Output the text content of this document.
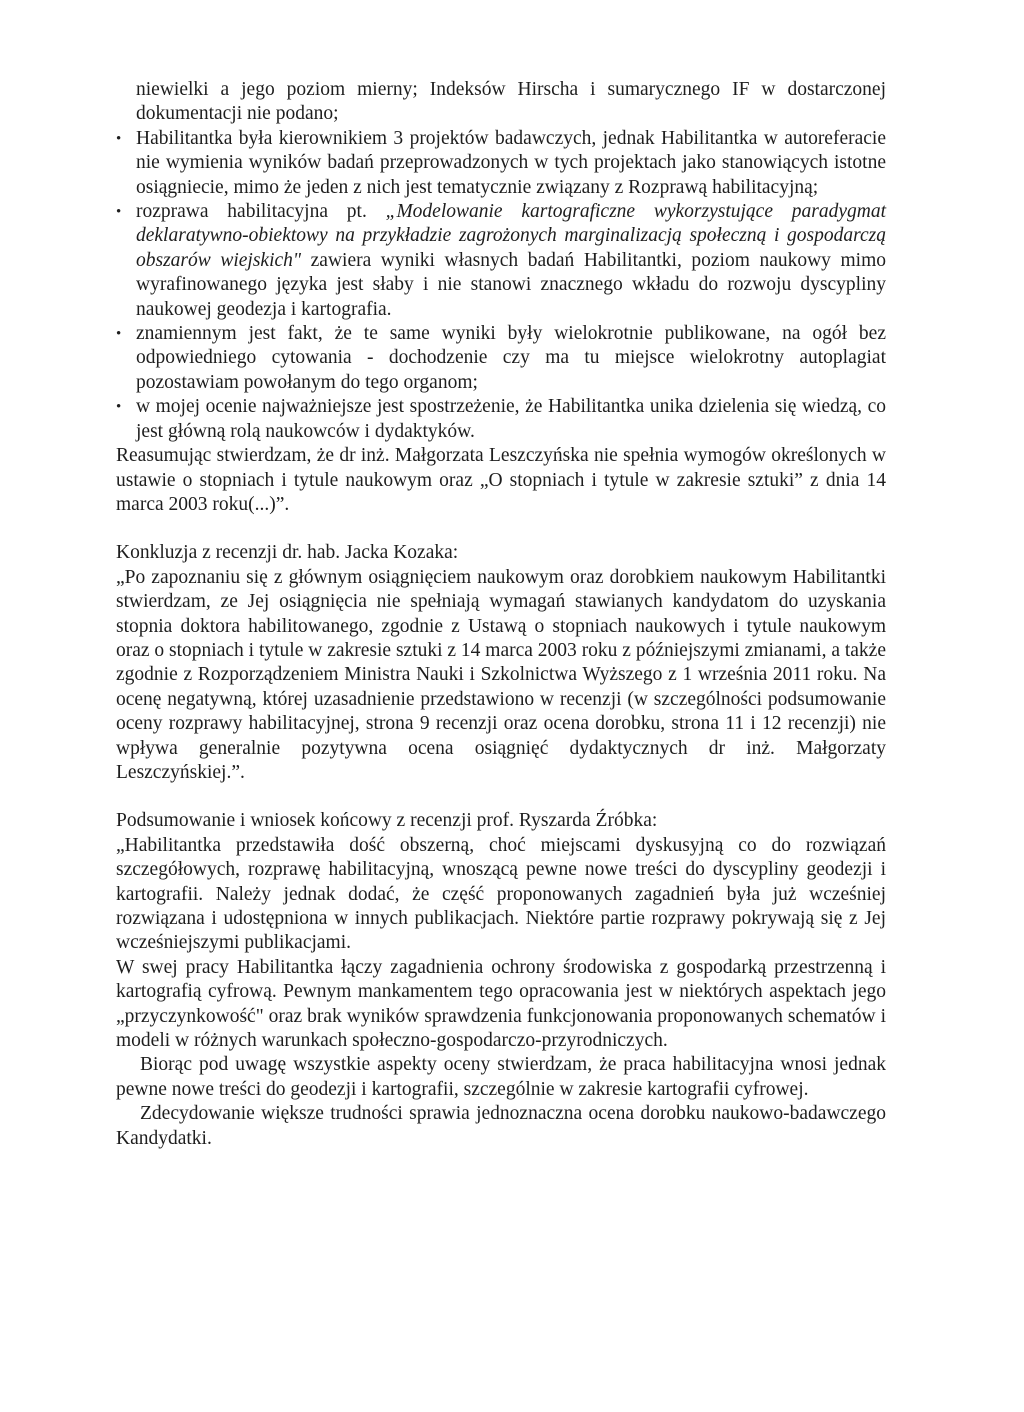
niewielki a jego poziom mierny; Indeksów Hirscha i sumarycznego IF w dostarczonej dokumentacji nie podano;

• Habilitantka była kierownikiem 3 projektów badawczych, jednak Habilitantka w autoreferacie nie wymienia wyników badań przeprowadzonych w tych projektach jako stanowiących istotne osiągniecie, mimo że jeden z nich jest tematycznie związany z Rozprawą habilitacyjną;
• rozprawa habilitacyjna pt. „Modelowanie kartograficzne wykorzystujące paradygmat deklaratywno-obiektowy na przykładzie zagrożonych marginalizacją społeczną i gospodarczą obszarów wiejskich" zawiera wyniki własnych badań Habilitantki, poziom naukowy mimo wyrafinowanego języka jest słaby i nie stanowi znacznego wkładu do rozwoju dyscypliny naukowej geodezja i kartografia.
• znamiennym jest fakt, że te same wyniki były wielokrotnie publikowane, na ogół bez odpowiedniego cytowania - dochodzenie czy ma tu miejsce wielokrotny autoplagiat pozostawiam powołanym do tego organom;
• w mojej ocenie najważniejsze jest spostrzeżenie, że Habilitantka unika dzielenia się wiedzą, co jest główną rolą naukowców i dydaktyków.

Reasumując stwierdzam, że dr inż. Małgorzata Leszczyńska nie spełnia wymogów określonych w ustawie o stopniach i tytule naukowym oraz „O stopniach i tytule w zakresie sztuki” z dnia 14 marca 2003 roku(...)”.

Konkluzja z recenzji dr. hab. Jacka Kozaka:

„Po zapoznaniu się z głównym osiągnięciem naukowym oraz dorobkiem naukowym Habilitantki stwierdzam, ze Jej osiągnięcia nie spełniają wymagań stawianych kandydatom do uzyskania stopnia doktora habilitowanego, zgodnie z Ustawą o stopniach naukowych i tytule naukowym oraz o stopniach i tytule w zakresie sztuki z 14 marca 2003 roku z późniejszymi zmianami, a także zgodnie z Rozporządzeniem Ministra Nauki i Szkolnictwa Wyższego z 1 września 2011 roku. Na ocenę negatywną, której uzasadnienie przedstawiono w recenzji (w szczególności podsumowanie oceny rozprawy habilitacyjnej, strona 9 recenzji oraz ocena dorobku, strona 11 i 12 recenzji) nie wpływa generalnie pozytywna ocena osiągnięć dydaktycznych dr inż. Małgorzaty Leszczyńskiej.”.

Podsumowanie i wniosek końcowy z recenzji prof. Ryszarda Źróbka:

„Habilitantka przedstawiła dość obszerną, choć miejscami dyskusyjną co do rozwiązań szczegółowych, rozprawę habilitacyjną, wnoszącą pewne nowe treści do dyscypliny geodezji i kartografii. Należy jednak dodać, że część proponowanych zagadnień była już wcześniej rozwiązana i udostępniona w innych publikacjach. Niektóre partie rozprawy pokrywają się z Jej wcześniejszymi publikacjami.

W swej pracy Habilitantka łączy zagadnienia ochrony środowiska z gospodarką przestrzenną i kartografią cyfrową. Pewnym mankamentem tego opracowania jest w niektórych aspektach jego „przyczynkowość" oraz brak wyników sprawdzenia funkcjonowania proponowanych schematów i modeli w różnych warunkach społeczno-gospodarczo-przyrodniczych.

Biorąc pod uwagę wszystkie aspekty oceny stwierdzam, że praca habilitacyjna wnosi jednak pewne nowe treści do geodezji i kartografii, szczególnie w zakresie kartografii cyfrowej.

Zdecydowanie większe trudności sprawia jednoznaczna ocena dorobku naukowo-badawczego Kandydatki.
